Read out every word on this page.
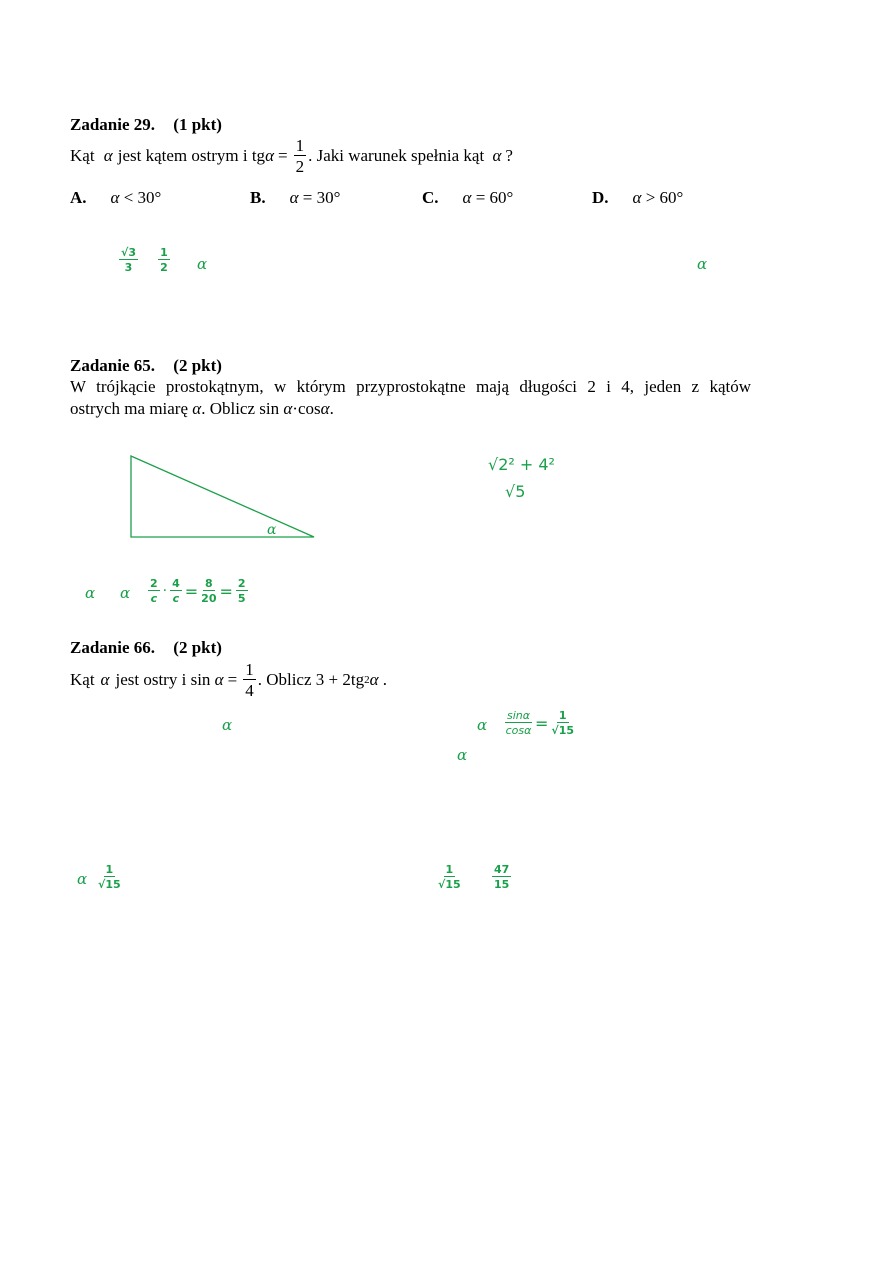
Zadanie 29. (1 pkt)
Kąt
α jest kątem ostrym i
tg $\alpha = \frac{1}{2}$ . Jaki warunek spełnia kąt
α ?
A. α < 30°	B. α = 30°	C. α = 60°	D. α > 60°
$\frac{√3}{3}$
$\frac{1}{2}$ α	α
Zadanie 65. (2 pkt)
W trójkącie prostokątnym, w którym przyprostokątne mają długości 2 i 4, jeden z kątów
ostrych ma miarę α. Oblicz sin α·cosα.
α
√2² + 4²
√5
α α $\frac{2}{c} \cdot \frac{4}{c} = \frac{8}{20} = \frac{2}{5}$
Zadanie 66. (2 pkt)
Kąt α jest ostry i
sin
$\alpha = \frac{1}{4}$ . Oblicz
3 + 2tg 2 α
.
α	α $\frac{\sin\alpha}{\cos\alpha} = \frac{1}{√15}$
α
α $\frac{1}{√15}$	$\frac{1}{√15}$	$\frac{47}{15}$
